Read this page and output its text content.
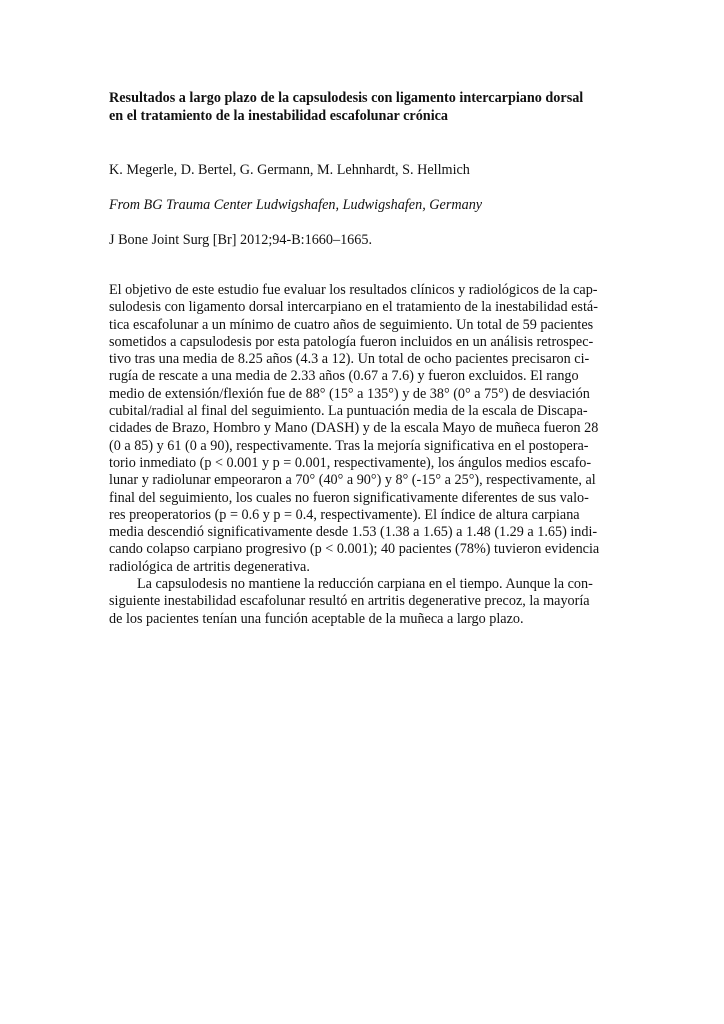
Resultados a largo plazo de la capsulodesis con ligamento intercarpiano dorsal
en el tratamiento de la inestabilidad escafolunar crónica

K. Megerle, D. Bertel, G. Germann, M. Lehnhardt, S. Hellmich

From BG Trauma Center Ludwigshafen, Ludwigshafen, Germany

J Bone Joint Surg [Br] 2012;94-B:1660–1665.

El objetivo de este estudio fue evaluar los resultados clínicos y radiológicos de la cap-
sulodesis con ligamento dorsal intercarpiano en el tratamiento de la inestabilidad está-
tica escafolunar a un mínimo de cuatro años de seguimiento. Un total de 59 pacientes
sometidos a capsulodesis por esta patología fueron incluidos en un análisis retrospec-
tivo tras una media de 8.25 años (4.3 a 12). Un total de ocho pacientes precisaron ci-
rugía de rescate a una media de 2.33 años (0.67 a 7.6) y fueron excluidos. El rango
medio de extensión/flexión fue de 88° (15° a 135°) y de 38° (0° a 75°) de desviación
cubital/radial al final del seguimiento. La puntuación media de la escala de Discapa-
cidades de Brazo, Hombro y Mano (DASH) y de la escala Mayo de muñeca fueron 28
(0 a 85) y 61 (0 a 90), respectivamente. Tras la mejoría significativa en el postopera-
torio inmediato (p < 0.001 y p = 0.001, respectivamente), los ángulos medios escafo-
lunar y radiolunar empeoraron a 70° (40° a 90°) y 8° (-15° a 25°), respectivamente, al
final del seguimiento, los cuales no fueron significativamente diferentes de sus valo-
res preoperatorios (p = 0.6 y p = 0.4, respectivamente). El índice de altura carpiana
media descendió significativamente desde 1.53 (1.38 a 1.65) a 1.48 (1.29 a 1.65) indi-
cando colapso carpiano progresivo (p < 0.001); 40 pacientes (78%) tuvieron evidencia
radiológica de artritis degenerativa.

La capsulodesis no mantiene la reducción carpiana en el tiempo. Aunque la con-
siguiente inestabilidad escafolunar resultó en artritis degenerative precoz, la mayoría
de los pacientes tenían una función aceptable de la muñeca a largo plazo.
